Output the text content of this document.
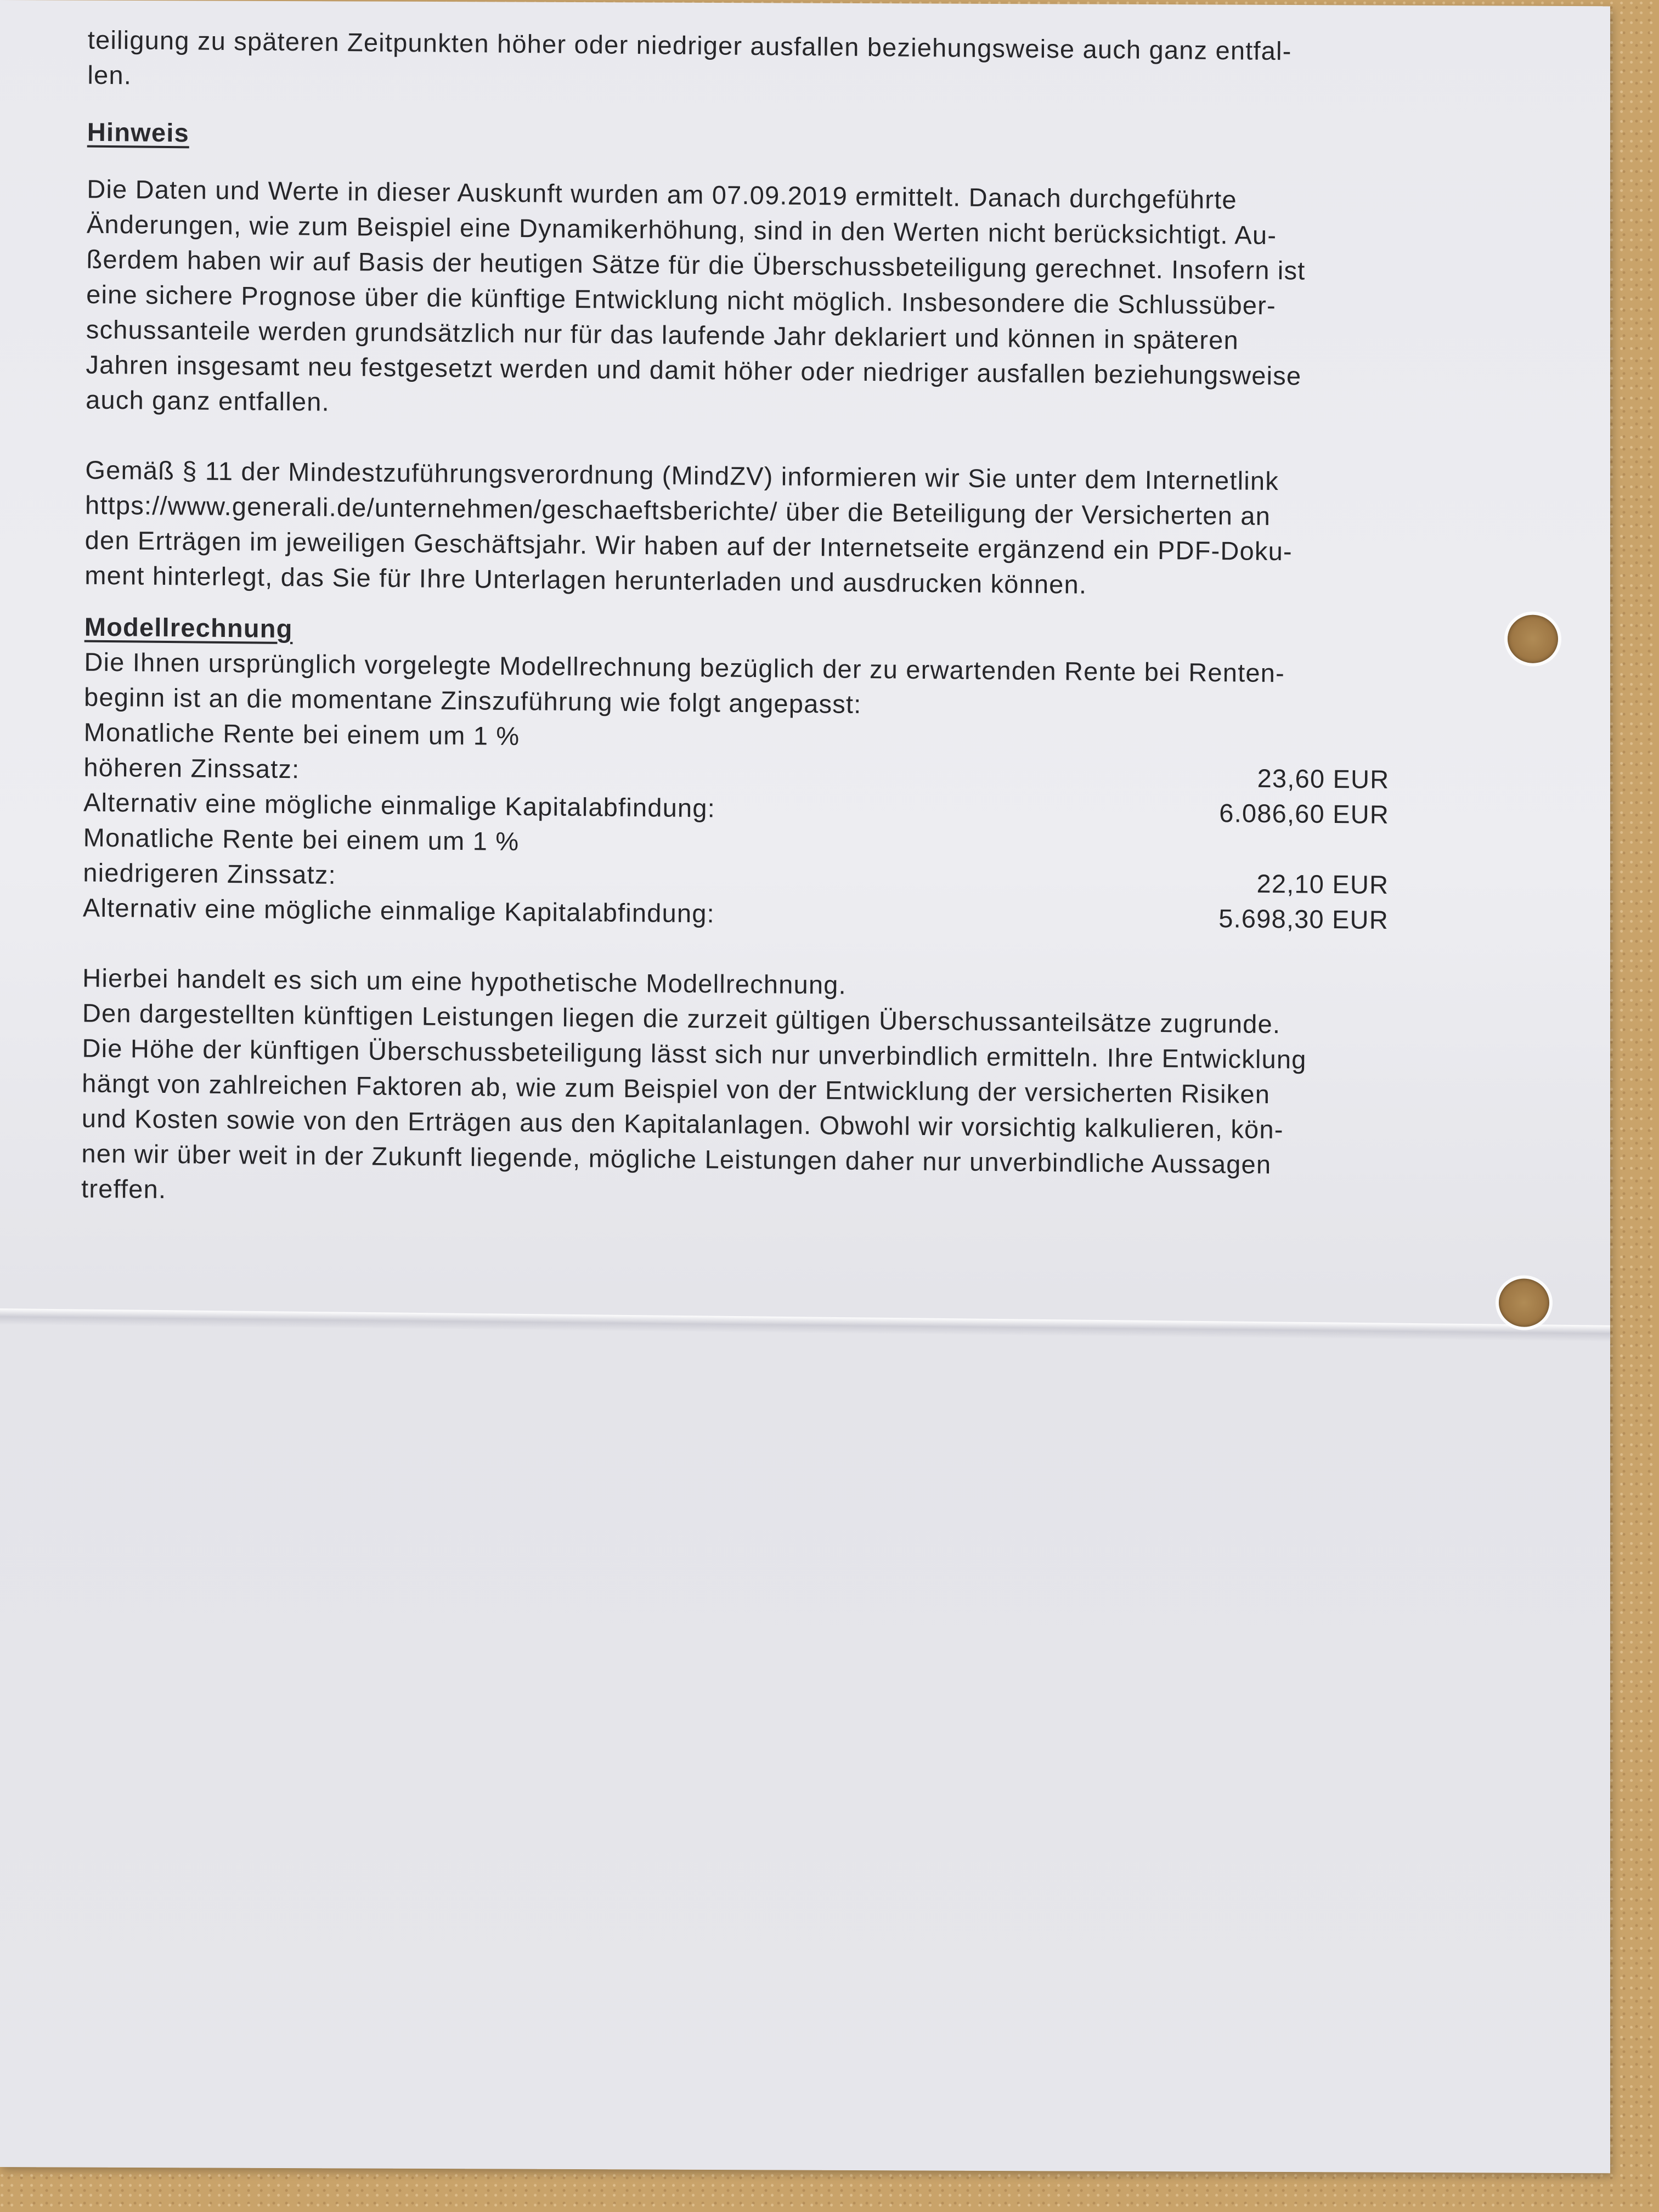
teiligung zu späteren Zeitpunkten höher oder niedriger ausfallen beziehungsweise auch ganz entfal-

len.

Hinweis

Die Daten und Werte in dieser Auskunft wurden am 07.09.2019 ermittelt. Danach durchgeführte

Änderungen, wie zum Beispiel eine Dynamikerhöhung, sind in den Werten nicht berücksichtigt. Au-

ßerdem haben wir auf Basis der heutigen Sätze für die Überschussbeteiligung gerechnet. Insofern ist

eine sichere Prognose über die künftige Entwicklung nicht möglich. Insbesondere die Schlussüber-

schussanteile werden grundsätzlich nur für das laufende Jahr deklariert und können in späteren

Jahren insgesamt neu festgesetzt werden und damit höher oder niedriger ausfallen beziehungsweise

auch ganz entfallen.

Gemäß § 11 der Mindestzuführungsverordnung (MindZV) informieren wir Sie unter dem Internetlink

https://www.generali.de/unternehmen/geschaeftsberichte/ über die Beteiligung der Versicherten an

den Erträgen im jeweiligen Geschäftsjahr. Wir haben auf der Internetseite ergänzend ein PDF-Doku-

ment hinterlegt, das Sie für Ihre Unterlagen herunterladen und ausdrucken können.

Modellrechnung

Die Ihnen ursprünglich vorgelegte Modellrechnung bezüglich der zu erwartenden Rente bei Renten-

beginn ist an die momentane Zinszuführung wie folgt angepasst:

Monatliche Rente bei einem um 1 %

höheren Zinssatz:	23,60 EUR
Alternativ eine mögliche einmalige Kapitalabfindung:	6.086,60 EUR

Monatliche Rente bei einem um 1 %

niedrigeren Zinssatz:	22,10 EUR
Alternativ eine mögliche einmalige Kapitalabfindung:	5.698,30 EUR

Hierbei handelt es sich um eine hypothetische Modellrechnung.

Den dargestellten künftigen Leistungen liegen die zurzeit gültigen Überschussanteilsätze zugrunde.

Die Höhe der künftigen Überschussbeteiligung lässt sich nur unverbindlich ermitteln. Ihre Entwicklung

hängt von zahlreichen Faktoren ab, wie zum Beispiel von der Entwicklung der versicherten Risiken

und Kosten sowie von den Erträgen aus den Kapitalanlagen. Obwohl wir vorsichtig kalkulieren, kön-

nen wir über weit in der Zukunft liegende, mögliche Leistungen daher nur unverbindliche Aussagen

treffen.
